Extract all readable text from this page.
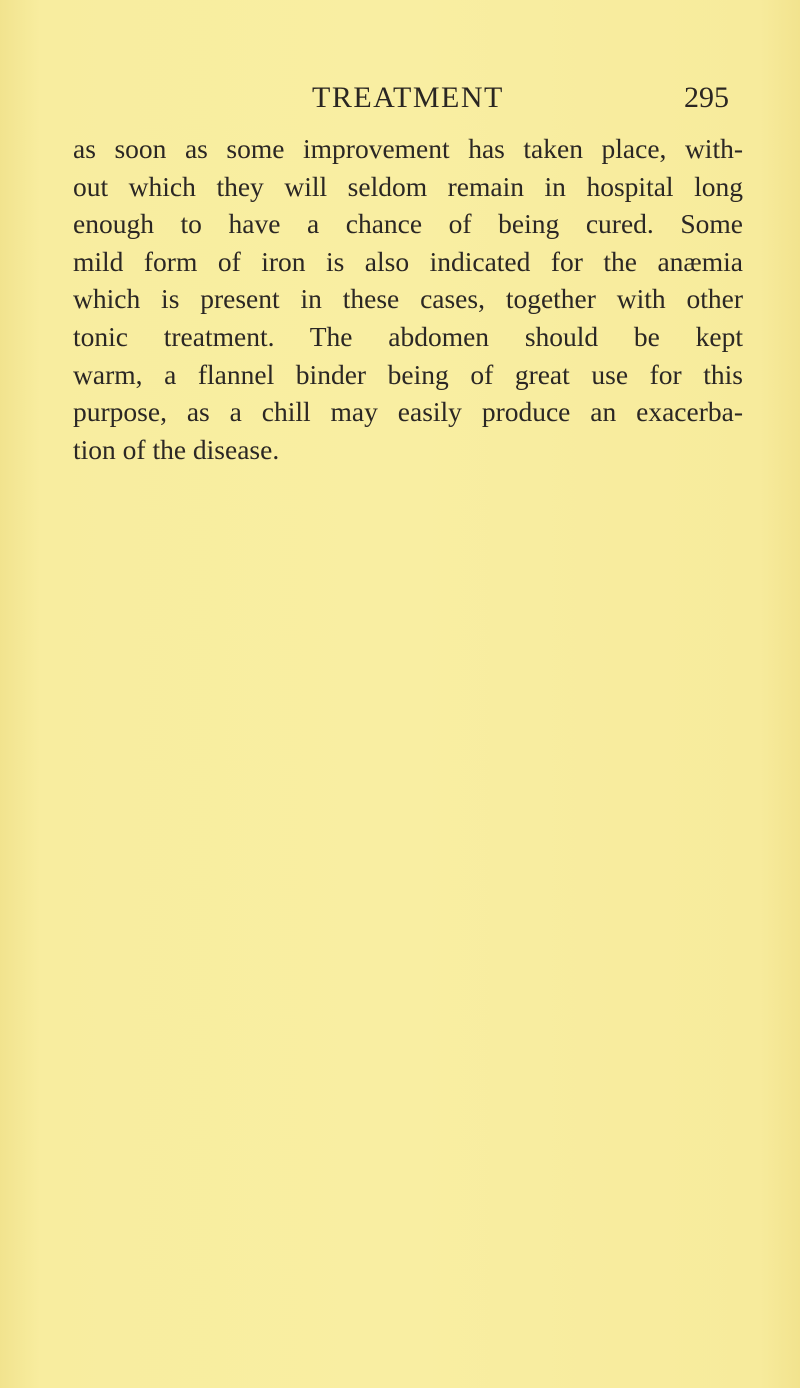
TREATMENT	295
as soon as some improvement has taken place, with-
out which they will seldom remain in hospital long
enough to have a chance of being cured. Some
mild form of iron is also indicated for the anæmia
which is present in these cases, together with other
tonic treatment. The abdomen should be kept
warm, a flannel binder being of great use for this
purpose, as a chill may easily produce an exacerba-
tion of the disease.
